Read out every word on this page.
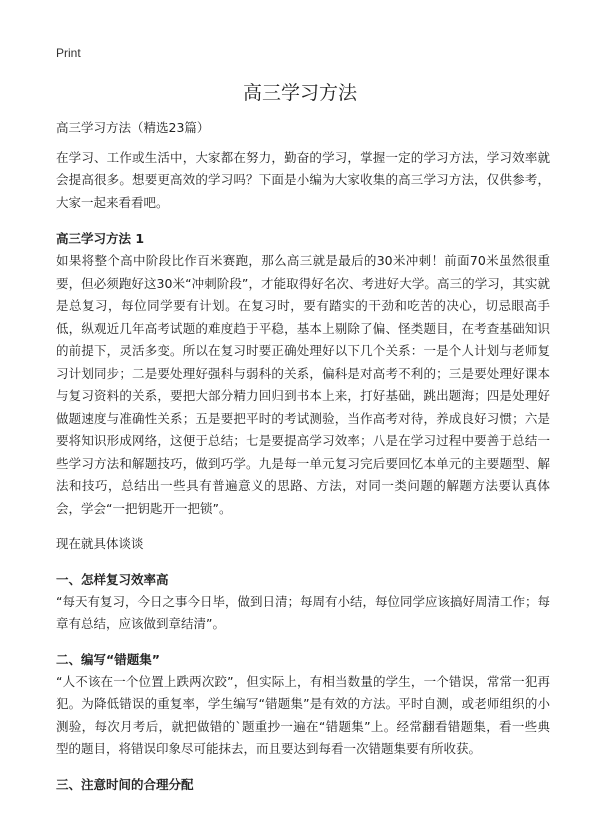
Print
高三学习方法

高三学习方法（精选23篇）

在学习、工作或生活中，大家都在努力，勤奋的学习，掌握一定的学习方法，学习效率就会提高很多。想要更高效的学习吗？下面是小编为大家收集的高三学习方法，仅供参考，大家一起来看看吧。

高三学习方法 1

如果将整个高中阶段比作百米赛跑，那么高三就是最后的30米冲刺！前面70米虽然很重要，但必须跑好这30米“冲刺阶段”，才能取得好名次、考进好大学。高三的学习，其实就是总复习，每位同学要有计划。在复习时，要有踏实的干劲和吃苦的决心，切忌眼高手低，纵观近几年高考试题的难度趋于平稳，基本上剔除了偏、怪类题目，在考查基础知识的前提下，灵活多变。所以在复习时要正确处理好以下几个关系：一是个人计划与老师复习计划同步；二是要处理好强科与弱科的关系，偏科是对高考不利的；三是要处理好课本与复习资料的关系，要把大部分精力回归到书本上来，打好基础，跳出题海；四是处理好做题速度与准确性关系；五是要把平时的考试测验，当作高考对待，养成良好习惯；六是要将知识形成网络，这便于总结；七是要提高学习效率；八是在学习过程中要善于总结一些学习方法和解题技巧，做到巧学。九是每一单元复习完后要回忆本单元的主要题型、解法和技巧，总结出一些具有普遍意义的思路、方法，对同一类问题的解题方法要认真体会，学会“一把钥匙开一把锁”。

现在就具体谈谈

一、怎样复习效率高

“每天有复习，今日之事今日毕，做到日清；每周有小结，每位同学应该搞好周清工作；每章有总结，应该做到章结清”。

二、编写“错题集”

“人不该在一个位置上跌两次跤”，但实际上，有相当数量的学生，一个错误，常常一犯再犯。为降低错误的重复率，学生编写“错题集”是有效的方法。平时自测，或老师组织的小测验，每次月考后，就把做错的`题重抄一遍在“错题集”上。经常翻看错题集，看一些典型的题目，将错误印象尽可能抹去，而且要达到每看一次错题集要有所收获。

三、注意时间的合理分配
